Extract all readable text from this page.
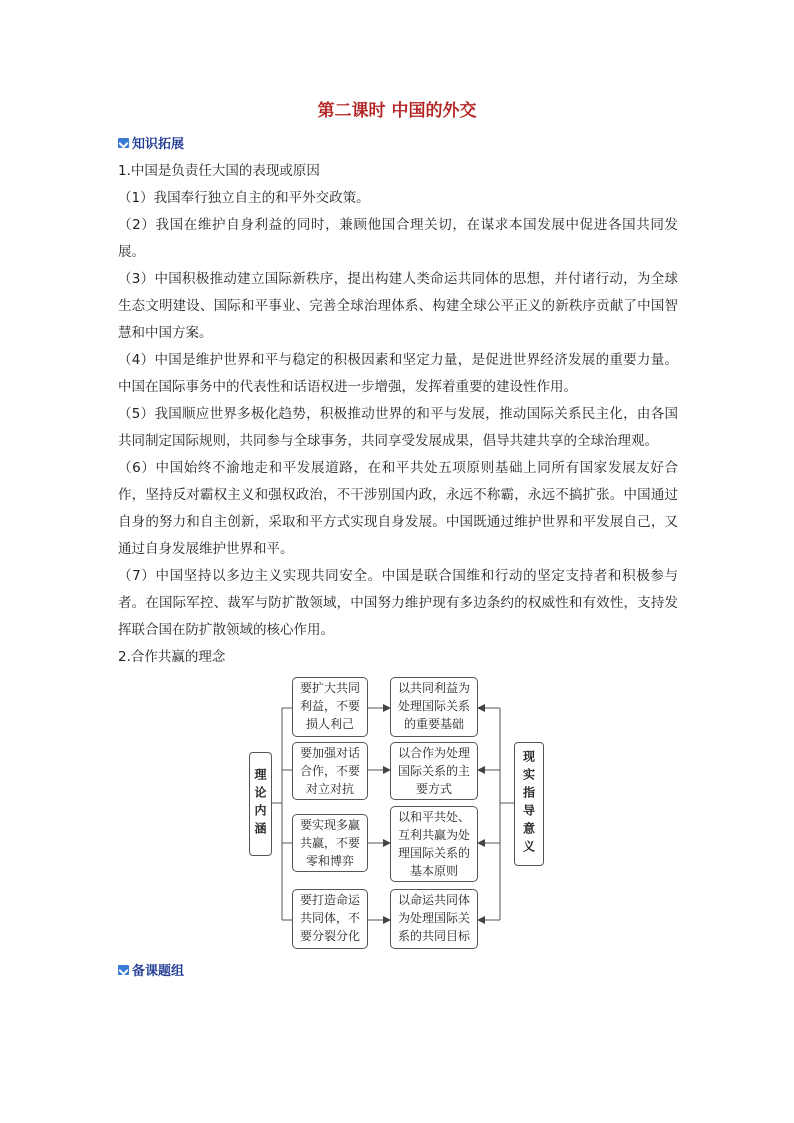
第二课时 中国的外交
知识拓展

1.中国是负责任大国的表现或原因

（1）我国奉行独立自主的和平外交政策。

（2）我国在维护自身利益的同时，兼顾他国合理关切，在谋求本国发展中促进各国共同发展。

（3）中国积极推动建立国际新秩序，提出构建人类命运共同体的思想，并付诸行动，为全球生态文明建设、国际和平事业、完善全球治理体系、构建全球公平正义的新秩序贡献了中国智慧和中国方案。

（4）中国是维护世界和平与稳定的积极因素和坚定力量，是促进世界经济发展的重要力量。中国在国际事务中的代表性和话语权进一步增强，发挥着重要的建设性作用。

（5）我国顺应世界多极化趋势，积极推动世界的和平与发展，推动国际关系民主化，由各国共同制定国际规则，共同参与全球事务，共同享受发展成果，倡导共建共享的全球治理观。

（6）中国始终不渝地走和平发展道路，在和平共处五项原则基础上同所有国家发展友好合作，坚持反对霸权主义和强权政治，不干涉别国内政，永远不称霸，永远不搞扩张。中国通过自身的努力和自主创新，采取和平方式实现自身发展。中国既通过维护世界和平发展自己，又通过自身发展维护世界和平。

（7）中国坚持以多边主义实现共同安全。中国是联合国维和行动的坚定支持者和积极参与者。在国际军控、裁军与防扩散领域，中国努力维护现有多边条约的权威性和有效性，支持发挥联合国在防扩散领域的核心作用。

2.合作共赢的理念

理论内涵	现实指导意义
要扩大共同利益，不要损人利己
要加强对话合作，不要对立对抗
要实现多赢共赢，不要零和博弈
要打造命运共同体，不要分裂分化
以共同利益为处理国际关系的重要基础
以合作为处理国际关系的主要方式
以和平共处、互利共赢为处理国际关系的基本原则
以命运共同体为处理国际关系的共同目标
备课题组
